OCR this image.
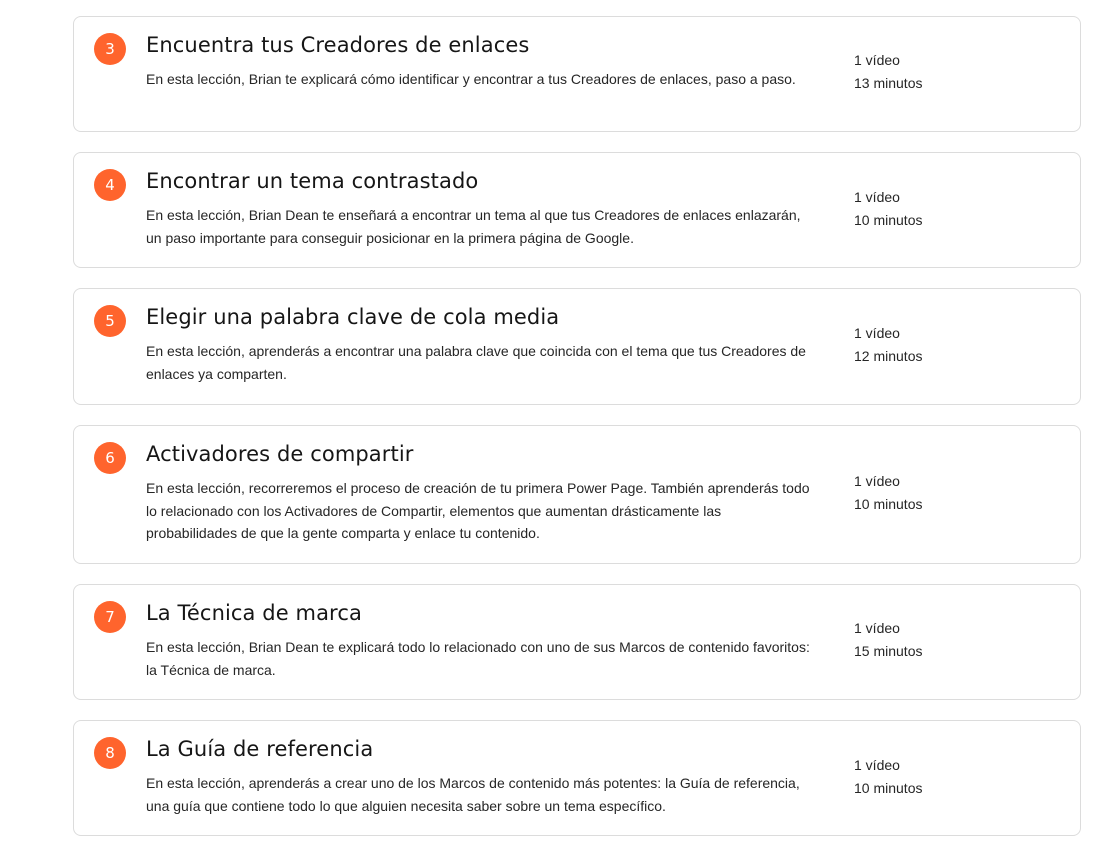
3	Encuentra tus Creadores de enlaces

En esta lección, Brian te explicará cómo identificar y encontrar a tus Creadores de enlaces, paso a paso.

1 vídeo
13 minutos
4	Encontrar un tema contrastado

En esta lección, Brian Dean te enseñará a encontrar un tema al que tus Creadores de enlaces enlazarán, un paso importante para conseguir posicionar en la primera página de Google.

1 vídeo
10 minutos
5	Elegir una palabra clave de cola media

En esta lección, aprenderás a encontrar una palabra clave que coincida con el tema que tus Creadores de enlaces ya comparten.

1 vídeo
12 minutos
6	Activadores de compartir

En esta lección, recorreremos el proceso de creación de tu primera Power Page. También aprenderás todo lo relacionado con los Activadores de Compartir, elementos que aumentan drásticamente las probabilidades de que la gente comparta y enlace tu contenido.

1 vídeo
10 minutos
7	La Técnica de marca

En esta lección, Brian Dean te explicará todo lo relacionado con uno de sus Marcos de contenido favoritos: la Técnica de marca.

1 vídeo
15 minutos
8	La Guía de referencia

En esta lección, aprenderás a crear uno de los Marcos de contenido más potentes: la Guía de referencia, una guía que contiene todo lo que alguien necesita saber sobre un tema específico.

1 vídeo
10 minutos
